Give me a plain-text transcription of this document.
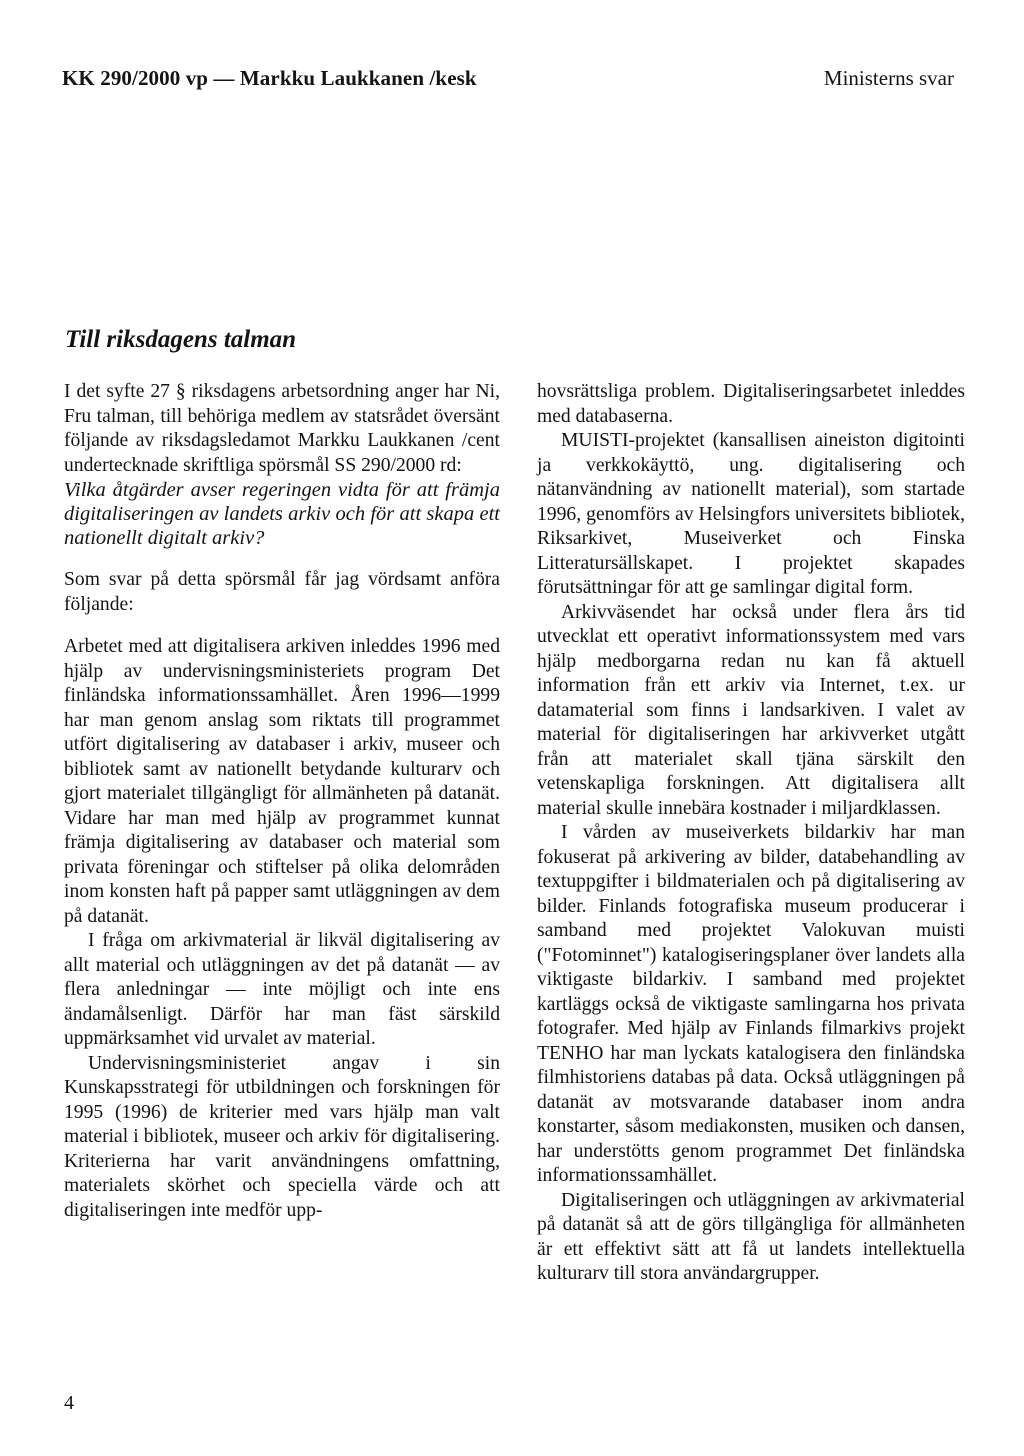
KK 290/2000 vp — Markku Laukkanen /kesk	Ministerns svar
Till riksdagens talman

I det syfte 27 § riksdagens arbetsordning anger har Ni, Fru talman, till behöriga medlem av statsrådet översänt följande av riksdagsledamot Markku Laukkanen /cent undertecknade skriftliga spörsmål SS 290/2000 rd:

Vilka åtgärder avser regeringen vidta för att främja digitaliseringen av landets arkiv och för att skapa ett nationellt digitalt arkiv?

Som svar på detta spörsmål får jag vördsamt anföra följande:

Arbetet med att digitalisera arkiven inleddes 1996 med hjälp av undervisningsministeriets program Det finländska informationssamhället. Åren 1996—1999 har man genom anslag som riktats till programmet utfört digitalisering av databaser i arkiv, museer och bibliotek samt av nationellt betydande kulturarv och gjort materialet tillgängligt för allmänheten på datanät. Vidare har man med hjälp av programmet kunnat främja digitalisering av databaser och material som privata föreningar och stiftelser på olika delområden inom konsten haft på papper samt utläggningen av dem på datanät.

I fråga om arkivmaterial är likväl digitalisering av allt material och utläggningen av det på datanät — av flera anledningar — inte möjligt och inte ens ändamålsenligt. Därför har man fäst särskild uppmärksamhet vid urvalet av material.

Undervisningsministeriet angav i sin Kunskapsstrategi för utbildningen och forskningen för 1995 (1996) de kriterier med vars hjälp man valt material i bibliotek, museer och arkiv för digitalisering. Kriterierna har varit användningens omfattning, materialets skörhet och speciella värde och att digitaliseringen inte medför upp-

hovsrättsliga problem. Digitaliseringsarbetet inleddes med databaserna.

MUISTI-projektet (kansallisen aineiston digitointi ja verkkokäyttö, ung. digitalisering och nätanvändning av nationellt material), som startade 1996, genomförs av Helsingfors universitets bibliotek, Riksarkivet, Museiverket och Finska Litteratursällskapet. I projektet skapades förutsättningar för att ge samlingar digital form.

Arkivväsendet har också under flera års tid utvecklat ett operativt informationssystem med vars hjälp medborgarna redan nu kan få aktuell information från ett arkiv via Internet, t.ex. ur datamaterial som finns i landsarkiven. I valet av material för digitaliseringen har arkivverket utgått från att materialet skall tjäna särskilt den vetenskapliga forskningen. Att digitalisera allt material skulle innebära kostnader i miljardklassen.

I vården av museiverkets bildarkiv har man fokuserat på arkivering av bilder, databehandling av textuppgifter i bildmaterialen och på digitalisering av bilder. Finlands fotografiska museum producerar i samband med projektet Valokuvan muisti ("Fotominnet") katalogiseringsplaner över landets alla viktigaste bildarkiv. I samband med projektet kartläggs också de viktigaste samlingarna hos privata fotografer. Med hjälp av Finlands filmarkivs projekt TENHO har man lyckats katalogisera den finländska filmhistoriens databas på data. Också utläggningen på datanät av motsvarande databaser inom andra konstarter, såsom mediakonsten, musiken och dansen, har understötts genom programmet Det finländska informationssamhället.

Digitaliseringen och utläggningen av arkivmaterial på datanät så att de görs tillgängliga för allmänheten är ett effektivt sätt att få ut landets intellektuella kulturarv till stora användargrupper.

4
